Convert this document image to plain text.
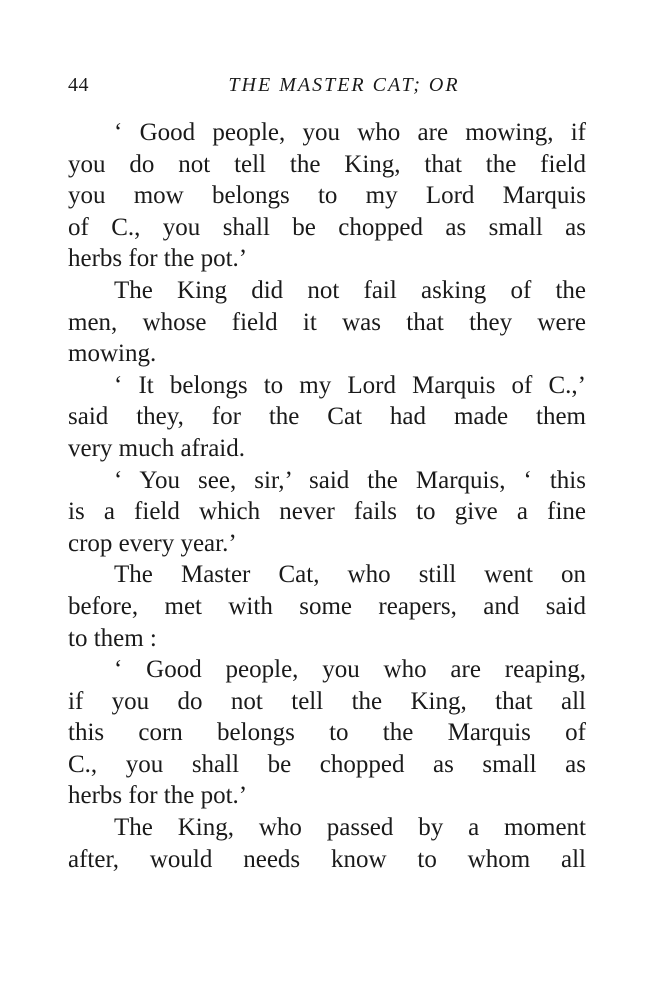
44	THE MASTER CAT; OR
‘ Good people, you who are mowing, if
you do not tell the King, that the field
you mow belongs to my Lord Marquis
of C., you shall be chopped as small as
herbs for the pot.’
The King did not fail asking of the
men, whose field it was that they were
mowing.
‘ It belongs to my Lord Marquis of C.,’
said they, for the Cat had made them
very much afraid.
‘ You see, sir,’ said the Marquis, ‘ this
is a field which never fails to give a fine
crop every year.’
The Master Cat, who still went on
before, met with some reapers, and said
to them :
‘ Good people, you who are reaping,
if you do not tell the King, that all
this corn belongs to the Marquis of
C., you shall be chopped as small as
herbs for the pot.’
The King, who passed by a moment
after, would needs know to whom all
